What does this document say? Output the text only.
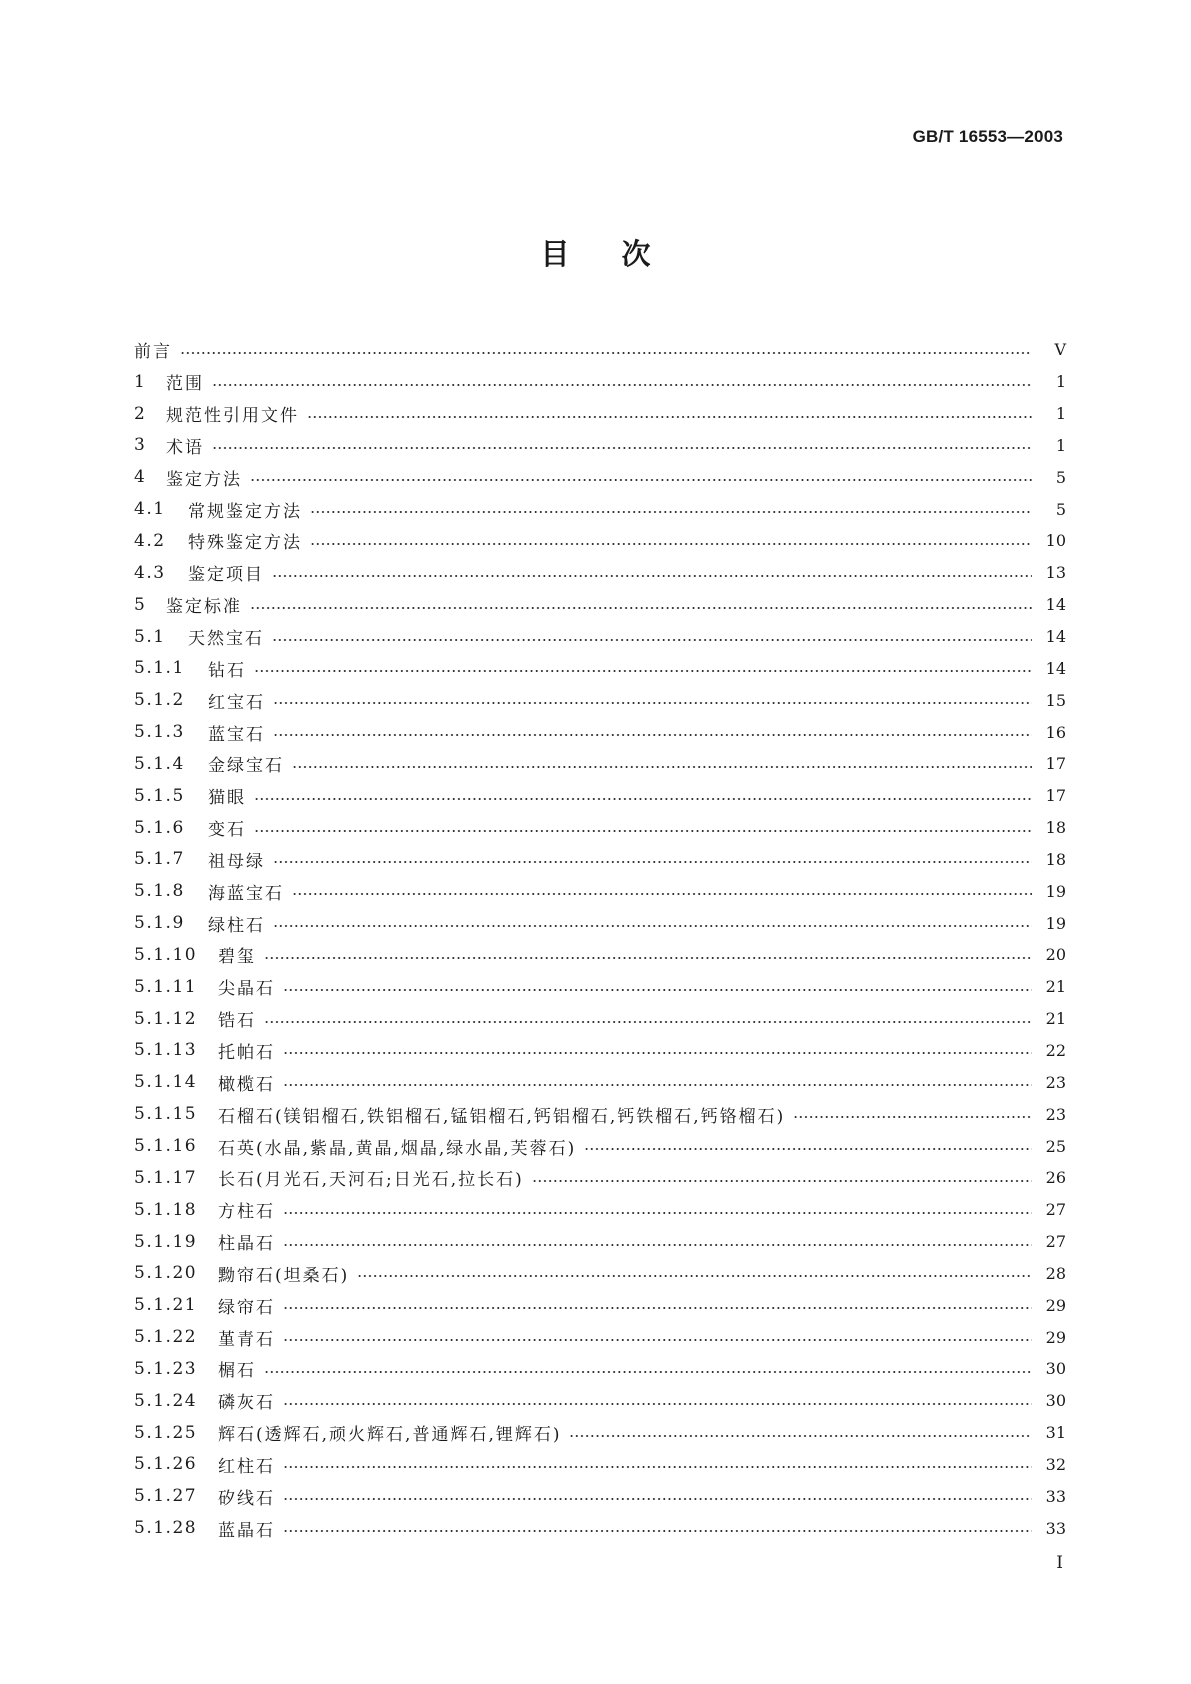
GB/T 16553—2003
目次
前言	V
1	范围	1
2	规范性引用文件	1
3	术语	1
4	鉴定方法	5
4.1	常规鉴定方法	5
4.2	特殊鉴定方法	10
4.3	鉴定项目	13
5	鉴定标准	14
5.1	天然宝石	14
5.1.1	钻石	14
5.1.2	红宝石	15
5.1.3	蓝宝石	16
5.1.4	金绿宝石	17
5.1.5	猫眼	17
5.1.6	变石	18
5.1.7	祖母绿	18
5.1.8	海蓝宝石	19
5.1.9	绿柱石	19
5.1.10	碧玺	20
5.1.11	尖晶石	21
5.1.12	锆石	21
5.1.13	托帕石	22
5.1.14	橄榄石	23
5.1.15	石榴石(镁铝榴石,铁铝榴石,锰铝榴石,钙铝榴石,钙铁榴石,钙铬榴石)	23
5.1.16	石英(水晶,紫晶,黄晶,烟晶,绿水晶,芙蓉石)	25
5.1.17	长石(月光石,天河石;日光石,拉长石)	26
5.1.18	方柱石	27
5.1.19	柱晶石	27
5.1.20	黝帘石(坦桑石)	28
5.1.21	绿帘石	29
5.1.22	堇青石	29
5.1.23	榍石	30
5.1.24	磷灰石	30
5.1.25	辉石(透辉石,顽火辉石,普通辉石,锂辉石)	31
5.1.26	红柱石	32
5.1.27	矽线石	33
5.1.28	蓝晶石	33
I
